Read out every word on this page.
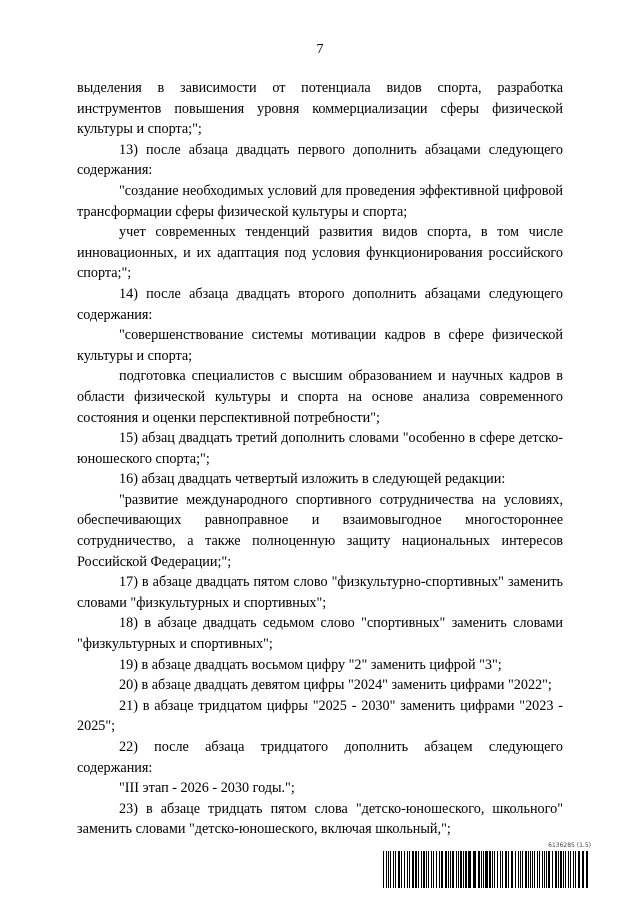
7

выделения в зависимости от потенциала видов спорта, разработка инструментов повышения уровня коммерциализации сферы физической культуры и спорта;";

13) после абзаца двадцать первого дополнить абзацами следующего содержания:

"создание необходимых условий для проведения эффективной цифровой трансформации сферы физической культуры и спорта;

учет современных тенденций развития видов спорта, в том числе инновационных, и их адаптация под условия функционирования российского спорта;";

14) после абзаца двадцать второго дополнить абзацами следующего содержания:

"совершенствование системы мотивации кадров в сфере физической культуры и спорта;

подготовка специалистов с высшим образованием и научных кадров в области физической культуры и спорта на основе анализа современного состояния и оценки перспективной потребности";

15) абзац двадцать третий дополнить словами "особенно в сфере детско-юношеского спорта;";

16) абзац двадцать четвертый изложить в следующей редакции:

"развитие международного спортивного сотрудничества на условиях, обеспечивающих равноправное и взаимовыгодное многостороннее сотрудничество, а также полноценную защиту национальных интересов Российской Федерации;";

17) в абзаце двадцать пятом слово "физкультурно-спортивных" заменить словами "физкультурных и спортивных";

18) в абзаце двадцать седьмом слово "спортивных" заменить словами "физкультурных и спортивных";

19) в абзаце двадцать восьмом цифру "2" заменить цифрой "3";

20) в абзаце двадцать девятом цифры "2024" заменить цифрами "2022";

21) в абзаце тридцатом цифры "2025 - 2030" заменить цифрами "2023 - 2025";

22) после абзаца тридцатого дополнить абзацем следующего содержания:

"III этап - 2026 - 2030 годы.";

23) в абзаце тридцать пятом слова "детско-юношеского, школьного" заменить словами "детско-юношеского, включая школьный,";

6136285 (1.5)
